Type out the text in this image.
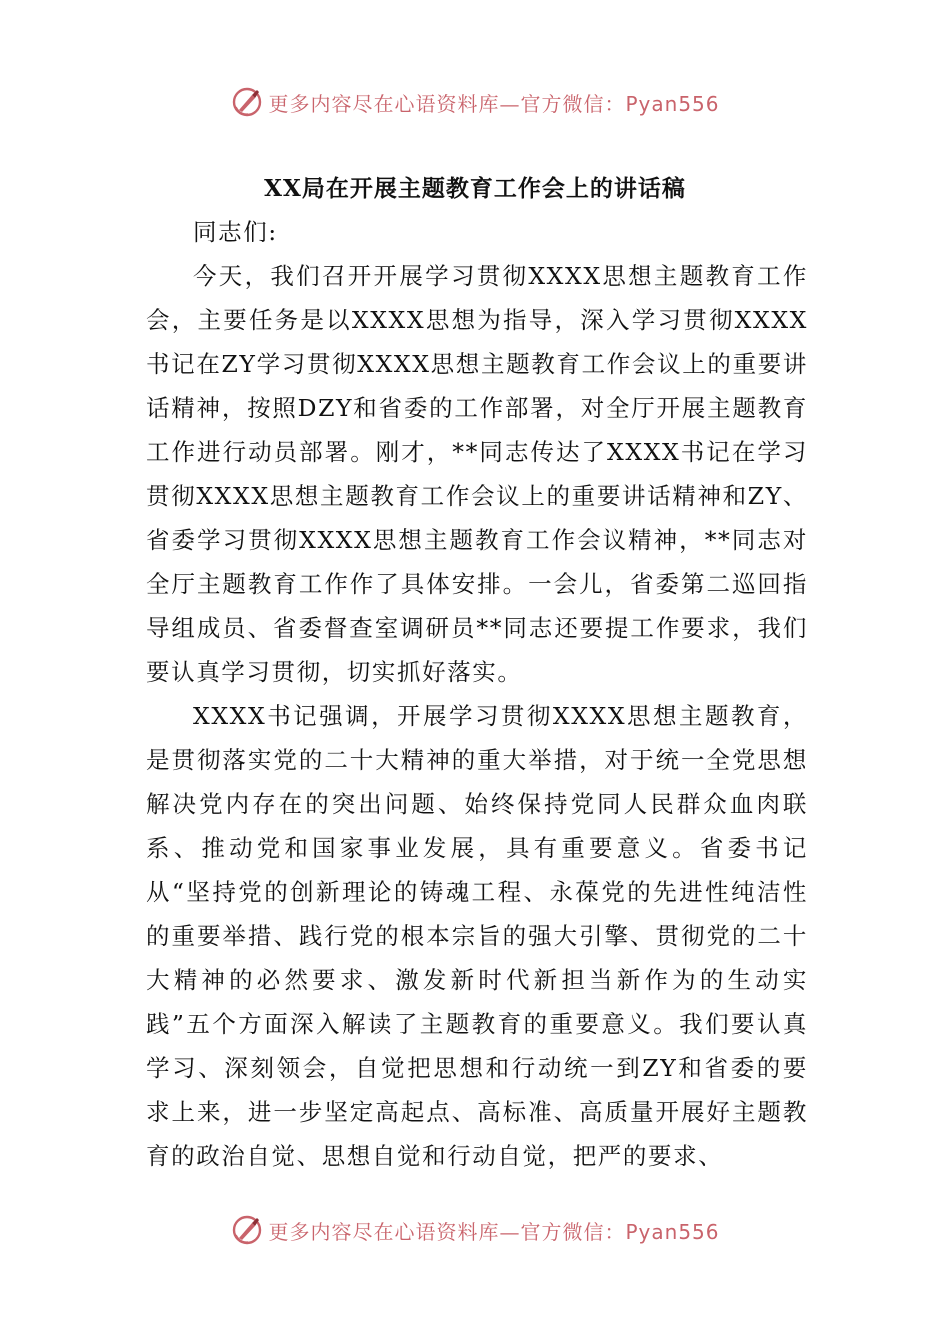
更多内容尽在心语资料库—官方微信：Pyan556
XX局在开展主题教育工作会上的讲话稿

同志们:

今天，我们召开开展学习贯彻XXXX思想主题教育工作会，主要任务是以XXXX思想为指导，深入学习贯彻XXXX书记在ZY学习贯彻XXXX思想主题教育工作会议上的重要讲话精神，按照DZY和省委的工作部署，对全厅开展主题教育工作进行动员部署。刚才，**同志传达了XXXX书记在学习贯彻XXXX思想主题教育工作会议上的重要讲话精神和ZY、省委学习贯彻XXXX思想主题教育工作会议精神，**同志对全厅主题教育工作作了具体安排。一会儿，省委第二巡回指导组成员、省委督查室调研员**同志还要提工作要求，我们要认真学习贯彻，切实抓好落实。

XXXX书记强调，开展学习贯彻XXXX思想主题教育，是贯彻落实党的二十大精神的重大举措，对于统一全党思想解决党内存在的突出问题、始终保持党同人民群众血肉联系、推动党和国家事业发展，具有重要意义。省委书记从“坚持党的创新理论的铸魂工程、永葆党的先进性纯洁性的重要举措、践行党的根本宗旨的强大引擎、贯彻党的二十大精神的必然要求、激发新时代新担当新作为的生动实践”五个方面深入解读了主题教育的重要意义。我们要认真学习、深刻领会，自觉把思想和行动统一到ZY和省委的要求上来，进一步坚定高起点、高标准、高质量开展好主题教育的政治自觉、思想自觉和行动自觉，把严的要求、

更多内容尽在心语资料库—官方微信：Pyan556
